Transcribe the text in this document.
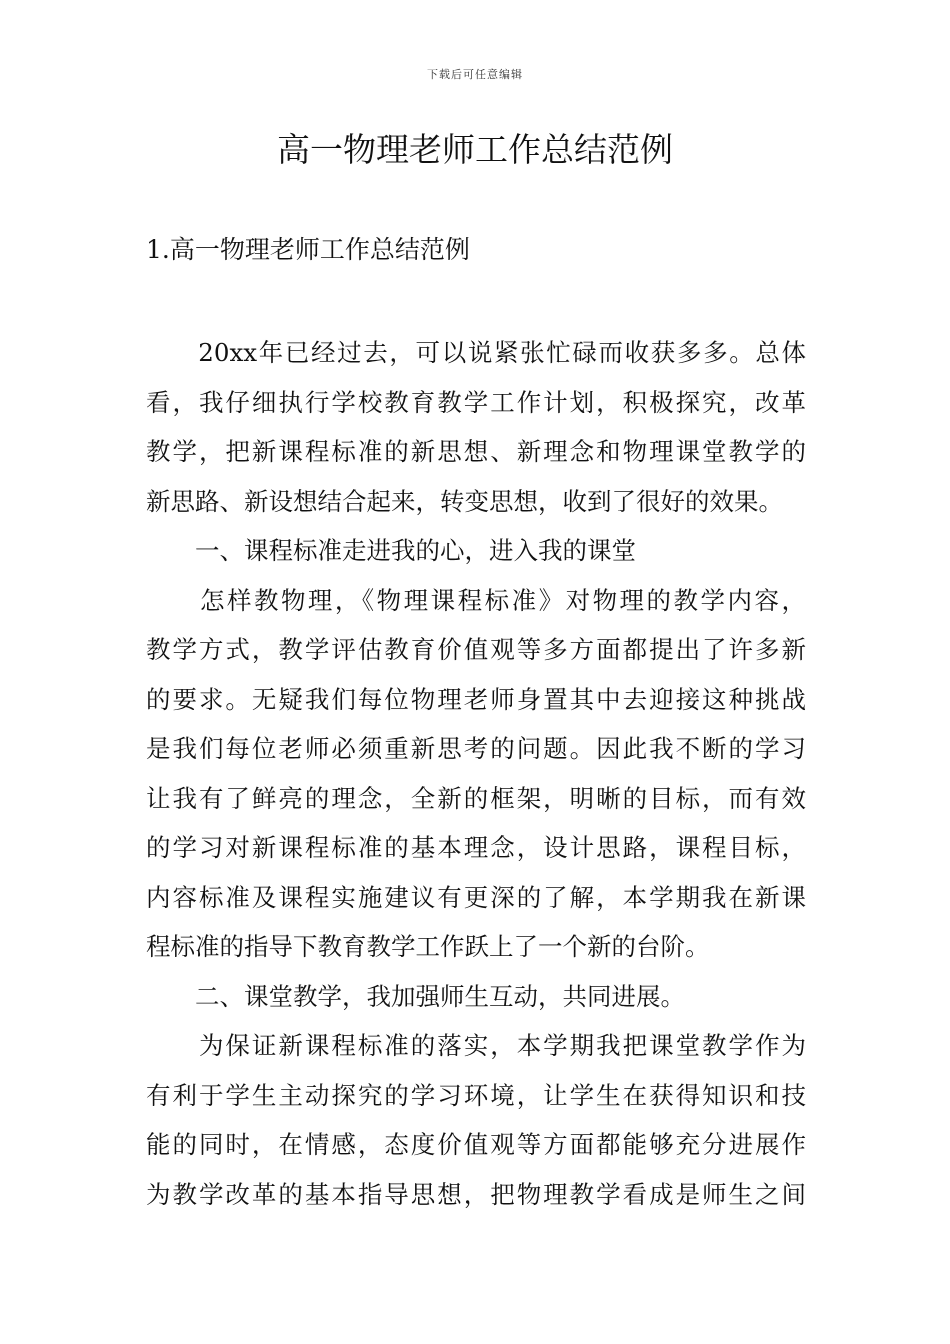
下载后可任意编辑
高一物理老师工作总结范例
1.高一物理老师工作总结范例
　　20xx年已经过去，可以说紧张忙碌而收获多多。总体
看，我仔细执行学校教育教学工作计划，积极探究，改革
教学，把新课程标准的新思想、新理念和物理课堂教学的
新思路、新设想结合起来，转变思想，收到了很好的效果。
　　一、课程标准走进我的心，进入我的课堂
　　怎样教物理，《物理课程标准》对物理的教学内容，
教学方式，教学评估教育价值观等多方面都提出了许多新
的要求。无疑我们每位物理老师身置其中去迎接这种挑战
是我们每位老师必须重新思考的问题。因此我不断的学习
让我有了鲜亮的理念，全新的框架，明晰的目标，而有效
的学习对新课程标准的基本理念，设计思路，课程目标，
内容标准及课程实施建议有更深的了解，本学期我在新课
程标准的指导下教育教学工作跃上了一个新的台阶。
　　二、课堂教学，我加强师生互动，共同进展。
　　为保证新课程标准的落实，本学期我把课堂教学作为
有利于学生主动探究的学习环境，让学生在获得知识和技
能的同时，在情感，态度价值观等方面都能够充分进展作
为教学改革的基本指导思想，把物理教学看成是师生之间
